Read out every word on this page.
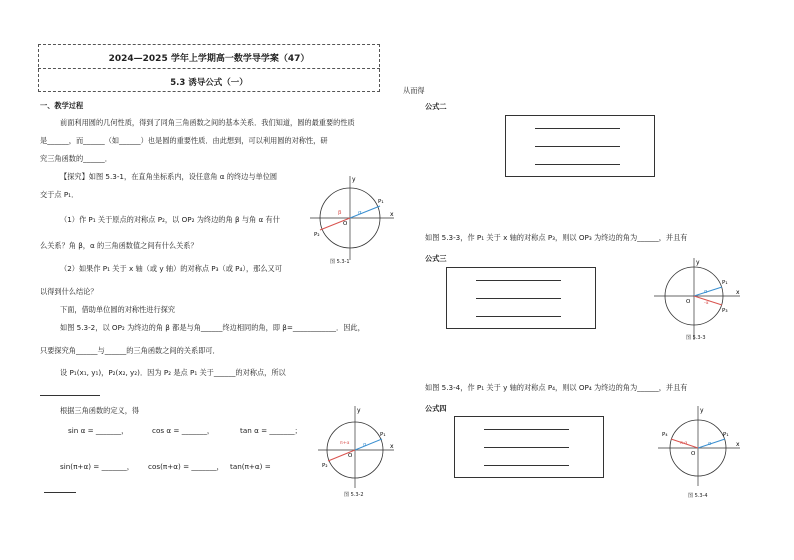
2024—2025 学年上学期高一数学导学案（47）
5.3 诱导公式（一）
一、教学过程
前面利用圆的几何性质，得到了同角三角函数之间的基本关系．我们知道，圆的最重要的性质
是______，而______（如______）也是圆的重要性质．由此想到，可以利用圆的对称性，研
究三角函数的______．
【探究】如图 5.3-1，在直角坐标系内，设任意角 α 的终边与单位圆
交于点 P₁．
（1）作 P₁ 关于原点的对称点 P₂，以 OP₂ 为终边的角 β 与角 α 有什
么关系？角 β，α 的三角函数值之间有什么关系？
（2）如果作 P₁ 关于 x 轴（或 y 轴）的对称点 P₃（或 P₄），那么又可
以得到什么结论？
下面，借助单位圆的对称性进行探究
如图 5.3-2，以 OP₂ 为终边的角 β 都是与角______终边相同的角，即 β=____________．因此，
只要探究角______与______的三角函数之间的关系即可．
设 P₁(x₁, y₁)，P₂(x₂, y₂)．因为 P₂ 是点 P₁ 关于______的对称点，所以
根据三角函数的定义，得
sin α = _______，	cos α = _______，	tan α = _______；
sin(π+α) = _______， cos(π+α) = _______， tan(π+α) =
x
y
O
P₁
P₂
α
β
图 5.3-1
x
y
O
P₁
P₂
α
π+α
图 5.3-2
从而得
公式二
如图 5.3-3，作 P₁ 关于 x 轴的对称点 P₃，则以 OP₃ 为终边的角为______，并且有
公式三
x
y
O
P₁
P₃
α
-α
图 5.3-3
如图 5.3-4，作 P₁ 关于 y 轴的对称点 P₄，则以 OP₄ 为终边的角为______，并且有
公式四
x
y
O
P₁
P₄
α
π-α
图 5.3-4
